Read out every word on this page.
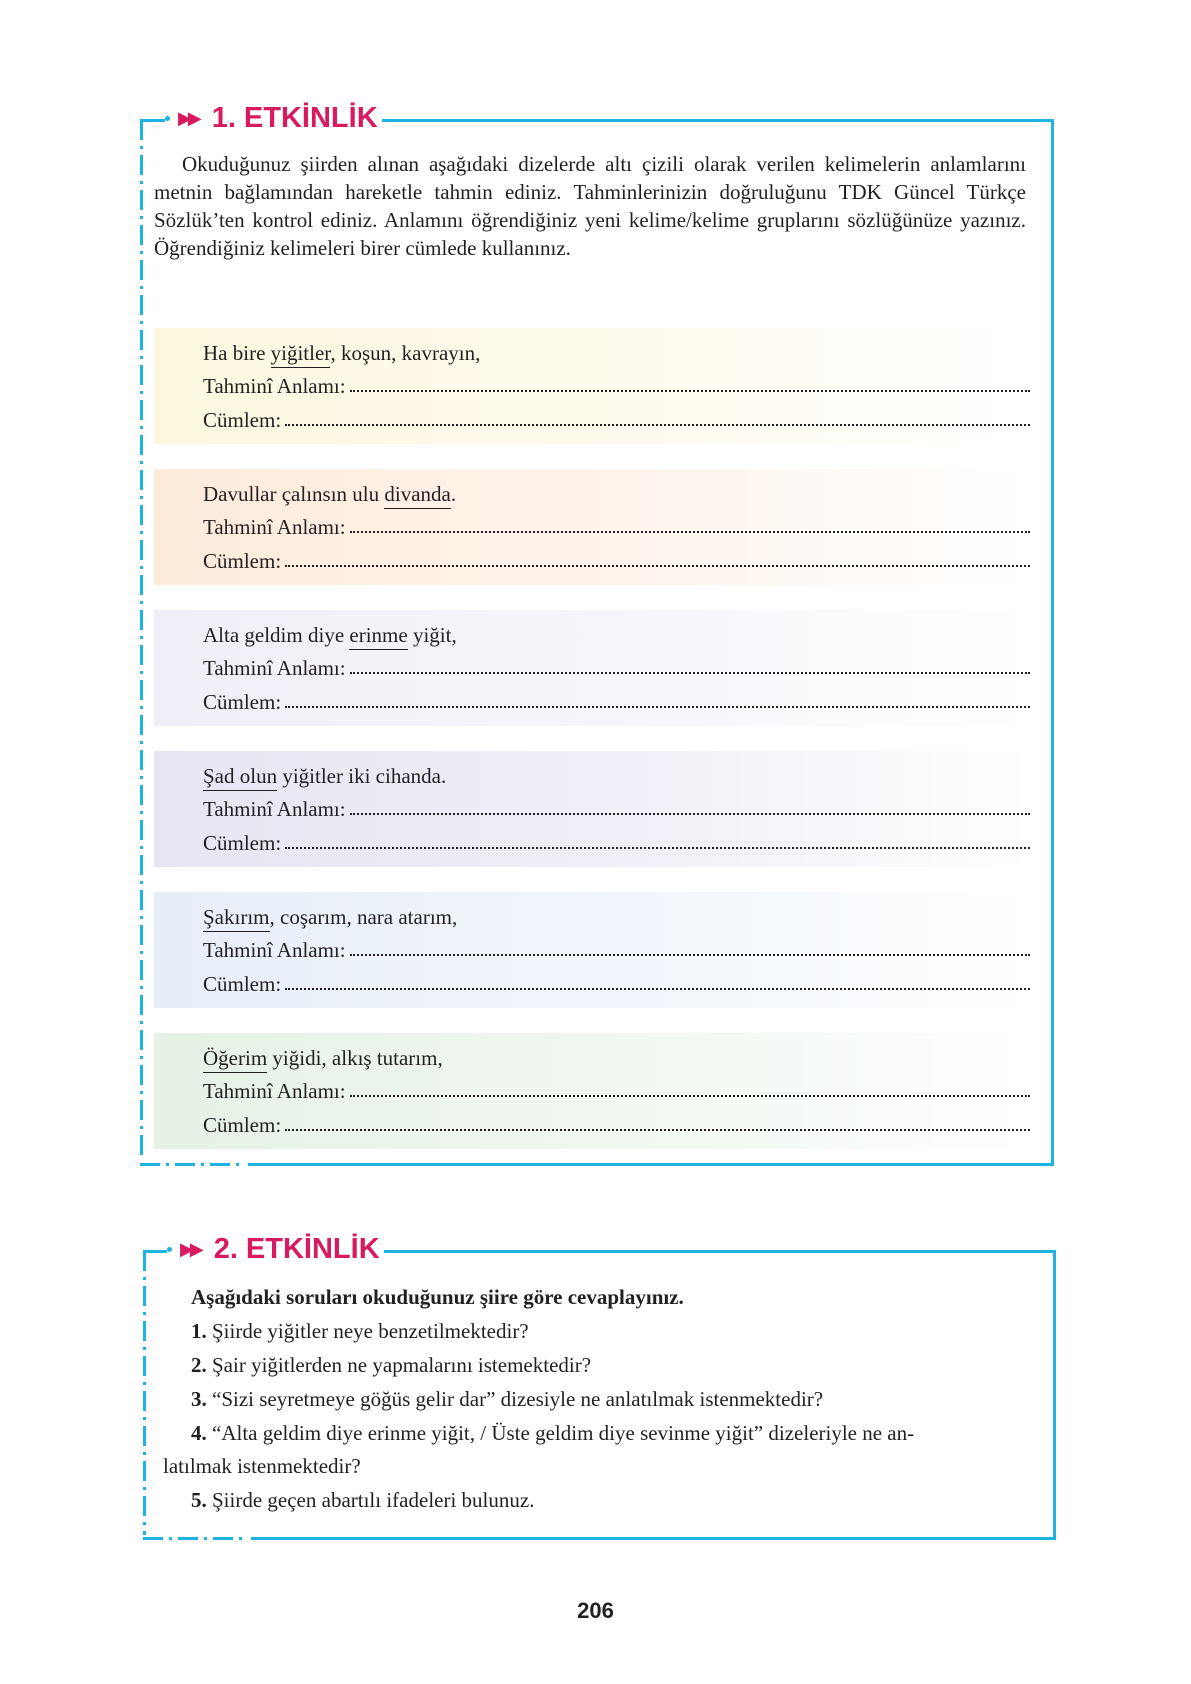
▶▶ 1. ETKİNLİK

Okuduğunuz şiirden alınan aşağıdaki dizelerde altı çizili olarak verilen kelimelerin anlamlarını metnin bağlamından hareketle tahmin ediniz. Tahminlerinizin doğruluğunu TDK Güncel Türkçe Sözlük’ten kontrol ediniz. Anlamını öğrendiğiniz yeni kelime/kelime gruplarını sözlüğünüze yazınız. Öğrendiğiniz kelimeleri birer cümlede kullanınız.

Ha bire yiğitler, koşun, kavrayın,
Tahminî Anlamı:
Cümlem:
Davullar çalınsın ulu divanda.
Tahminî Anlamı:
Cümlem:
Alta geldim diye erinme yiğit,
Tahminî Anlamı:
Cümlem:
Şad olun yiğitler iki cihanda.
Tahminî Anlamı:
Cümlem:
Şakırım, coşarım, nara atarım,
Tahminî Anlamı:
Cümlem:
Öğerim yiğidi, alkış tutarım,
Tahminî Anlamı:
Cümlem:
▶▶ 2. ETKİNLİK
Aşağıdaki soruları okuduğunuz şiire göre cevaplayınız.
1. Şiirde yiğitler neye benzetilmektedir?
2. Şair yiğitlerden ne yapmalarını istemektedir?
3. “Sizi seyretmeye göğüs gelir dar” dizesiyle ne anlatılmak istenmektedir?
4. “Alta geldim diye erinme yiğit, / Üste geldim diye sevinme yiğit” dizeleriyle ne an-
latılmak istenmektedir?
5. Şiirde geçen abartılı ifadeleri bulunuz.
206
